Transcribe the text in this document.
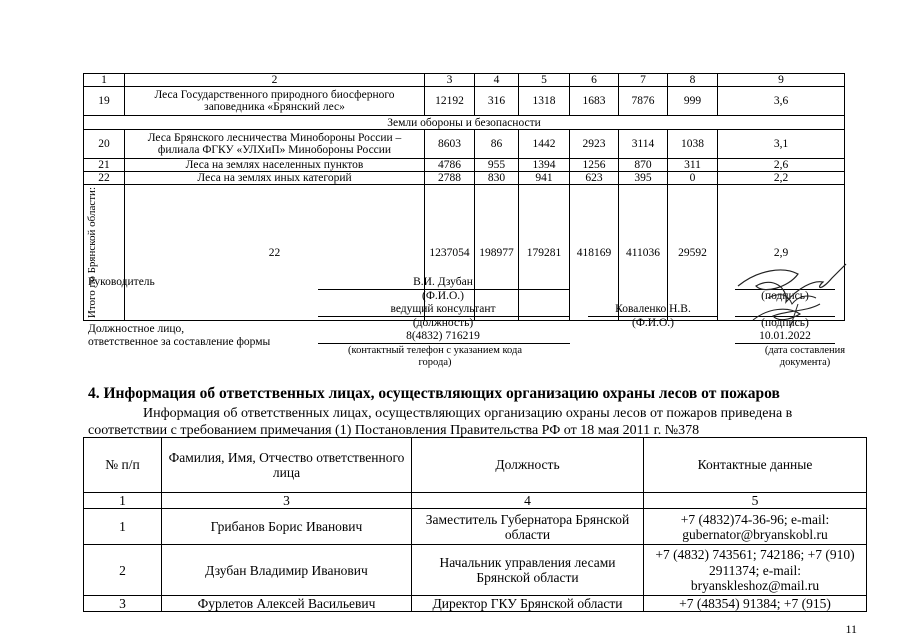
1	2	3	4	5	6	7	8	9
19	Леса Государственного природного биосферного заповедника «Брянский лес»	12192	316	1318	1683	7876	999	3,6
Земли обороны и безопасности								
20	Леса Брянского лесничества Минобороны России – филиала ФГКУ «УЛХиП» Минобороны России	8603	86	1442	2923	3114	1038	3,1
21	Леса на землях населенных пунктов	4786	955	1394	1256	870	311	2,6
22	Леса на землях иных категорий	2788	830	941	623	395	0	2,2

Итого по Брянской области:	22	1237054	198977	179281	418169	411036	29592	2,9
Руководитель	В.И. Дзубан
(Ф.И.О.)	(подпись)
ведущий консультант
(должность)
Коваленко Н.В.
(Ф.И.О.)	(подпись)
Должностное лицо,
ответственное за составление формы	8(4832) 716219
(контактный телефон с указанием кода города)
10.01.2022
(дата составления
документа)
4. Информация об ответственных лицах, осуществляющих организацию охраны лесов от пожаров
Информация об ответственных лицах, осуществляющих организацию охраны лесов от пожаров приведена в соответствии с требованием примечания (1) Постановления Правительства РФ от 18 мая 2011 г. №378
№ п/п	Фамилия, Имя, Отчество ответственного лица	Должность	Контактные данные
1	3	4	5
1	Грибанов Борис Иванович	Заместитель Губернатора Брянской области	+7 (4832)74-36-96; e-mail: gubernator@bryanskobl.ru
2	Дзубан Владимир Иванович	Начальник управления лесами Брянской области	+7 (4832) 743561; 742186; +7 (910) 2911374; e-mail: bryanskleshoz@mail.ru
3	Фурлетов Алексей Васильевич	Директор ГКУ Брянской области	+7 (48354) 91384; +7 (915)
11
